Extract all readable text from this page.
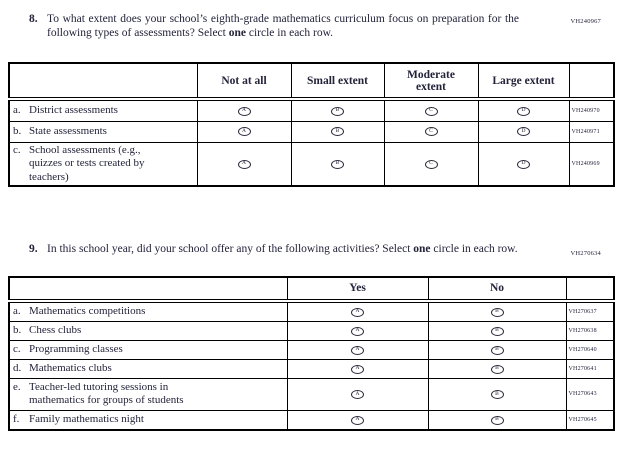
VH240967
8. To what extent does your school’s eighth-grade mathematics curriculum focus on preparation for the following types of assessments? Select one circle in each row.
	Not at all	Small extent	Moderate extent	Large extent	

a. District assessments	A	B	C	D	VH240970

b. State assessments	A	B	C	D	VH240971

c. School assessments (e.g., quizzes or tests created by teachers)	A	B	C	D	VH240969
VH270634
9. In this school year, did your school offer any of the following activities? Select one circle in each row.
	Yes	No	

a. Mathematics competitions	A	B	VH270637

b. Chess clubs	A	B	VH270638

c. Programming classes	A	B	VH270640

d. Mathematics clubs	A	B	VH270641

e. Teacher-led tutoring sessions in mathematics for groups of students	A	B	VH270643

f. Family mathematics night	A	B	VH270645
